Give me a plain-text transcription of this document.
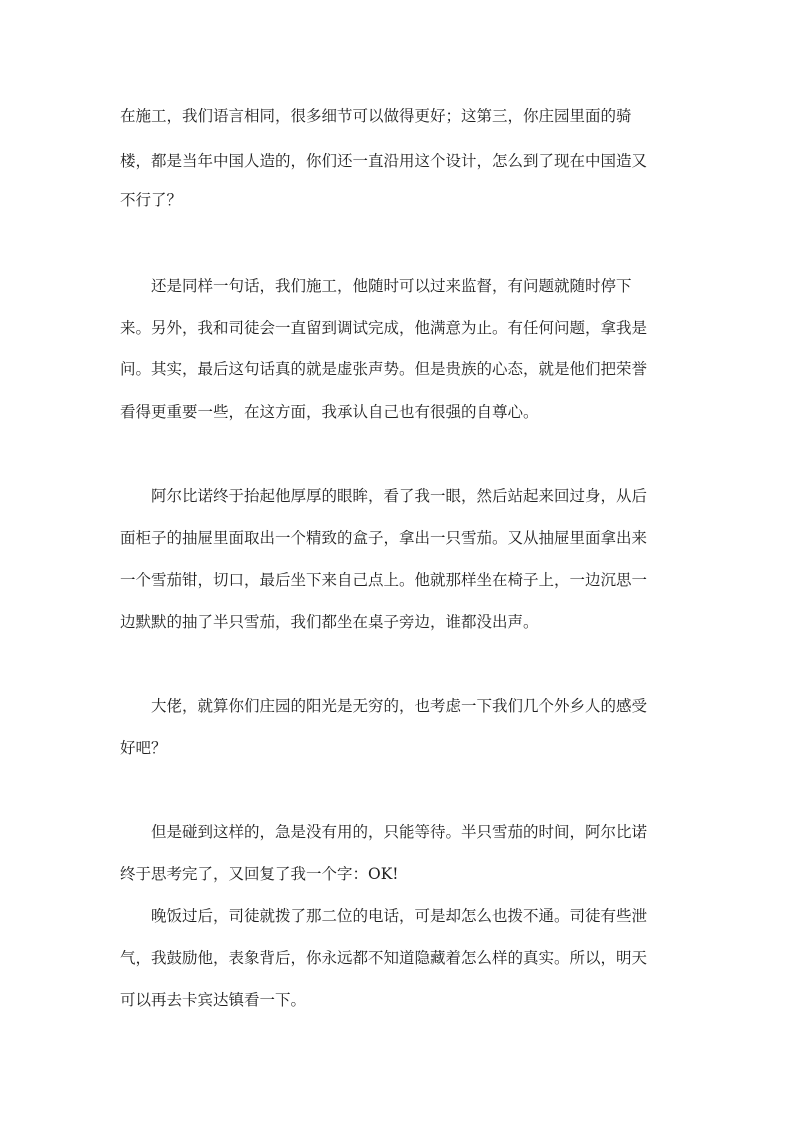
在施工，我们语言相同，很多细节可以做得更好；这第三，你庄园里面的骑
楼，都是当年中国人造的，你们还一直沿用这个设计，怎么到了现在中国造又
不行了？
还是同样一句话，我们施工，他随时可以过来监督，有问题就随时停下
来。另外，我和司徒会一直留到调试完成，他满意为止。有任何问题，拿我是
问。其实，最后这句话真的就是虚张声势。但是贵族的心态，就是他们把荣誉
看得更重要一些，在这方面，我承认自己也有很强的自尊心。
阿尔比诺终于抬起他厚厚的眼眸，看了我一眼，然后站起来回过身，从后
面柜子的抽屉里面取出一个精致的盒子，拿出一只雪茄。又从抽屉里面拿出来
一个雪茄钳，切口，最后坐下来自己点上。他就那样坐在椅子上，一边沉思一
边默默的抽了半只雪茄，我们都坐在桌子旁边，谁都没出声。
大佬，就算你们庄园的阳光是无穷的，也考虑一下我们几个外乡人的感受
好吧？
但是碰到这样的，急是没有用的，只能等待。半只雪茄的时间，阿尔比诺
终于思考完了，又回复了我一个字：OK!
晚饭过后，司徒就拨了那二位的电话，可是却怎么也拨不通。司徒有些泄
气，我鼓励他，表象背后，你永远都不知道隐藏着怎么样的真实。所以，明天
可以再去卡宾达镇看一下。
